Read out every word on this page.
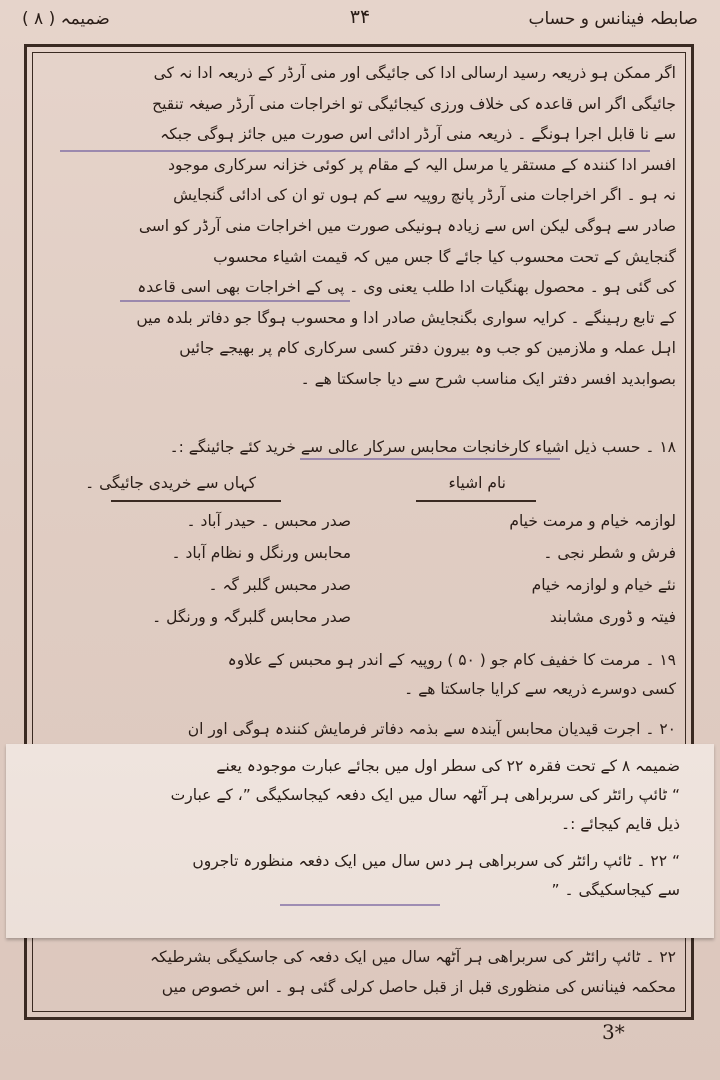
صابطہ فینانس و حساب
۳۴
ضمیمہ ( ۸ )

اگر ممکن ہو ذریعہ رسید ارسالی ادا کی جائیگی اور منی آرڈر کے ذریعہ ادا نہ کی

جائیگی اگر اس قاعدہ کی خلاف ورزی کیجائیگی تو اخراجات منی آرڈر صیغہ تنقیح

سے نا قابل اجرا ہونگے ۔ ذریعہ منی آرڈر ادائی اس صورت میں جائز ہوگی جبکہ

افسر ادا کنندہ کے مستقر یا مرسل الیہ کے مقام پر کوئی خزانہ سرکاری موجود

نہ ہو ۔ اگر اخراجات منی آرڈر پانچ روپیہ سے کم ہوں تو ان کی ادائی گنجایش

صادر سے ہوگی لیکن اس سے زیادہ ہونیکی صورت میں اخراجات منی آرڈر کو اسی

گنجایش کے تحت محسوب کیا جائے گا جس میں کہ قیمت اشیاء محسوب

کی گئی ہو ۔ محصول بھنگیات ادا طلب یعنی وی ۔ پی کے اخراجات بھی اسی قاعدہ

کے تابع رہینگے ۔ کرایہ سواری بگنجایش صادر ادا و محسوب ہوگا جو دفاتر بلدہ میں

اہل عملہ و ملازمین کو جب وہ بیرون دفتر کسی سرکاری کام پر بھیجے جائیں

بصوابدید افسر دفتر ایک مناسب شرح سے دیا جاسکتا ھے ۔

۱۸ ۔ حسب ذیل اشیاء کارخانجات محابس سرکار عالی سے خرید کئے جائینگے :۔
نام اشیاء
کہاں سے خریدی جائیگی ۔
لوازمہ خیام و مرمت خیام
صدر محبس ۔ حیدر آباد ۔
فرش و شطر نجی ۔
محابس ورنگل و نظام آباد ۔
نئے خیام و لوازمہ خیام
صدر محبس گلبر گہ ۔
فیتہ و ڈوری مشابند
صدر محابس گلبرگہ و ورنگل ۔
۱۹ ۔ مرمت کا خفیف کام جو ( ۵۰ ) روپیہ کے اندر ہو محبس کے علاوہ
کسی دوسرے ذریعہ سے کرایا جاسکتا ھے ۔
۲۰ ۔ اجرت قیدیان محابس آیندہ سے بذمہ دفاتر فرمایش کنندہ ہوگی اور ان

ضمیمہ ۸ کے تحت فقرہ ۲۲ کی سطر اول میں بجائے عبارت موجودہ یعنے

“ ٹائپ رائٹر کی سربراھی ہر آٹھہ سال میں ایک دفعہ کیجاسکیگی ”، کے عبارت

ذیل قایم کیجائے :۔

“ ۲۲ ۔ ٹائپ رائٹر کی سربراھی ہر دس سال میں ایک دفعہ منظورہ تاجروں

سے کیجاسکیگی ۔ ”

۲۲ ۔ ٹائپ رائٹر کی سربراھی ہر آٹھہ سال میں ایک دفعہ کی جاسکیگی بشرطیکہ

محکمہ فینانس کی منظوری قبل از قبل حاصل کرلی گئی ہو ۔ اس خصوص میں

3*
